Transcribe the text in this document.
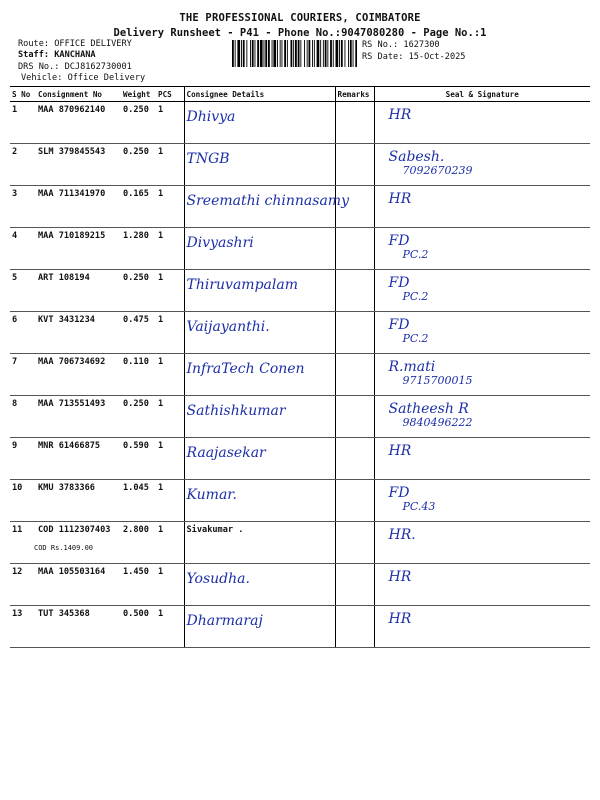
THE PROFESSIONAL COURIERS, COIMBATORE
Delivery Runsheet - P41 - Phone No.:9047080280 - Page No.:1
Route: OFFICE DELIVERY
Staff: KANCHANA
DRS No.: DCJ8162730001
Vehicle: Office Delivery
RS No.: 1627300
RS Date: 15-Oct-2025
S No	Consignment No	Weight	PCS	Consignee Details	Remarks	Seal & Signature
1	MAA 870962140	0.250	1	Dhivya		HR

2	SLM 379845543	0.250	1	TNGB		Sabesh.
7092670239

3	MAA 711341970	0.165	1	Sreemathi chinnasamy		HR

4	MAA 710189215	1.280	1	Divyashri		FD
PC.2

5	ART 108194	0.250	1	Thiruvampalam		FD
PC.2

6	KVT 3431234	0.475	1	Vaijayanthi.		FD
PC.2

7	MAA 706734692	0.110	1	InfraTech Conen		R.mati
9715700015

8	MAA 713551493	0.250	1	Sathishkumar		Satheesh R
9840496222

9	MNR 61466875	0.590	1	Raajasekar		HR

10	KMU 3783366	1.045	1	Kumar.		FD
PC.43

11	COD 1112307403
COD Rs.1409.00	2.800	1	Sivakumar .		HR.

12	MAA 105503164	1.450	1	Yosudha.		HR

13	TUT 345368	0.500	1	Dharmaraj		HR
